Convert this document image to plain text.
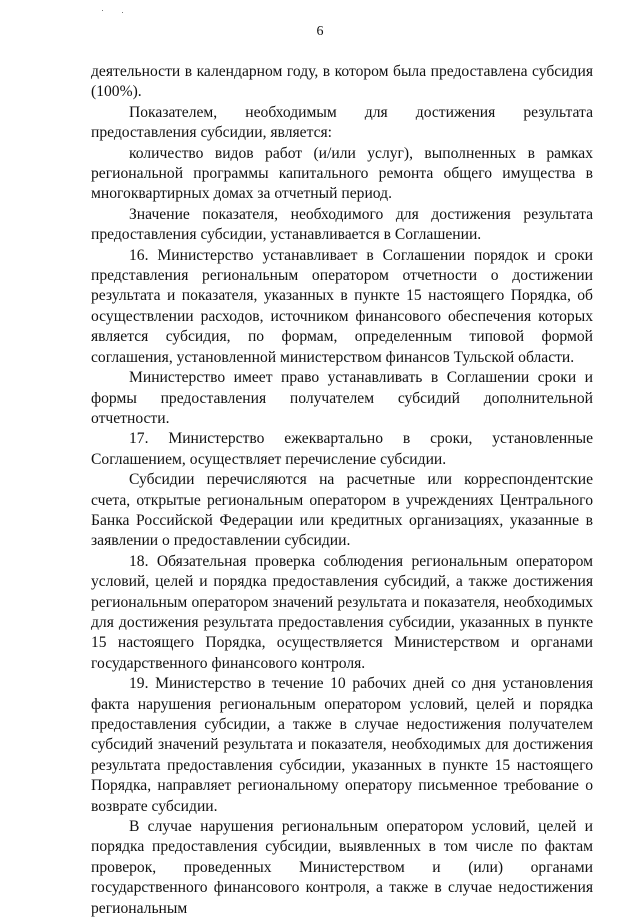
6

деятельности в календарном году, в котором была предоставлена субсидия (100%).

Показателем, необходимым для достижения результата предоставления субсидии, является:

количество видов работ (и/или услуг), выполненных в рамках региональной программы капитального ремонта общего имущества в многоквартирных домах за отчетный период.

Значение показателя, необходимого для достижения результата предоставления субсидии, устанавливается в Соглашении.

16. Министерство устанавливает в Соглашении порядок и сроки представления региональным оператором отчетности о достижении результата и показателя, указанных в пункте 15 настоящего Порядка, об осуществлении расходов, источником финансового обеспечения которых является субсидия, по формам, определенным типовой формой соглашения, установленной министерством финансов Тульской области.

Министерство имеет право устанавливать в Соглашении сроки и формы предоставления получателем субсидий дополнительной отчетности.

17. Министерство ежеквартально в сроки, установленные Соглашением, осуществляет перечисление субсидии.

Субсидии перечисляются на расчетные или корреспондентские счета, открытые региональным оператором в учреждениях Центрального Банка Российской Федерации или кредитных организациях, указанные в заявлении о предоставлении субсидии.

18. Обязательная проверка соблюдения региональным оператором условий, целей и порядка предоставления субсидий, а также достижения региональным оператором значений результата и показателя, необходимых для достижения результата предоставления субсидии, указанных в пункте 15 настоящего Порядка, осуществляется Министерством и органами государственного финансового контроля.

19. Министерство в течение 10 рабочих дней со дня установления факта нарушения региональным оператором условий, целей и порядка предоставления субсидии, а также в случае недостижения получателем субсидий значений результата и показателя, необходимых для достижения результата предоставления субсидии, указанных в пункте 15 настоящего Порядка, направляет региональному оператору письменное требование о возврате субсидии.

В случае нарушения региональным оператором условий, целей и порядка предоставления субсидии, выявленных в том числе по фактам проверок, проведенных Министерством и (или) органами государственного финансового контроля, а также в случае недостижения региональным
